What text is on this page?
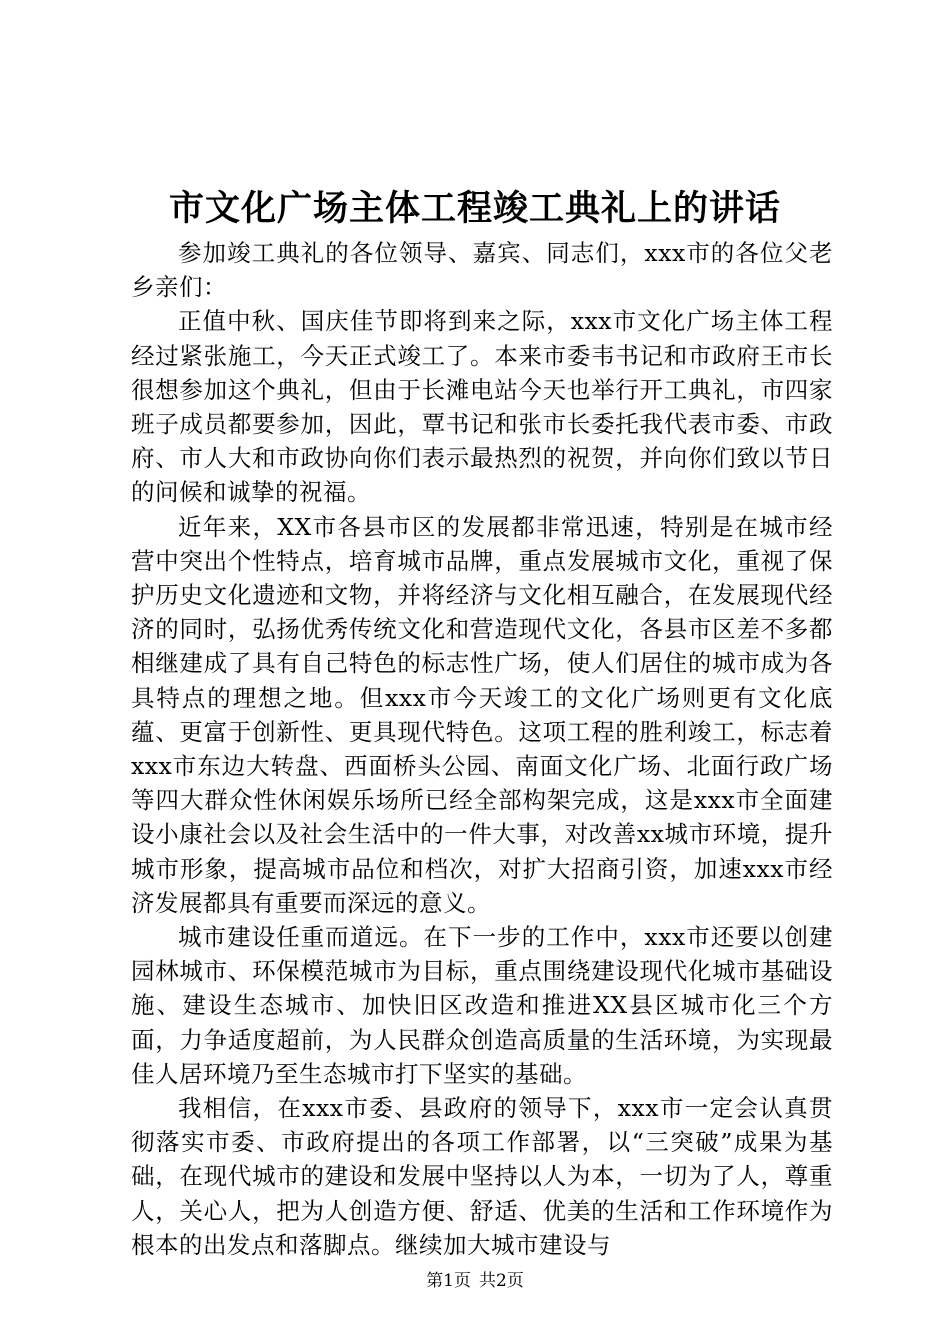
市文化广场主体工程竣工典礼上的讲话

参加竣工典礼的各位领导、嘉宾、同志们，xxx市的各位父老乡亲们：

正值中秋、国庆佳节即将到来之际，xxx市文化广场主体工程经过紧张施工，今天正式竣工了。本来市委韦书记和市政府王市长很想参加这个典礼，但由于长滩电站今天也举行开工典礼，市四家班子成员都要参加，因此，覃书记和张市长委托我代表市委、市政府、市人大和市政协向你们表示最热烈的祝贺，并向你们致以节日的问候和诚挚的祝福。

近年来，XX市各县市区的发展都非常迅速，特别是在城市经营中突出个性特点，培育城市品牌，重点发展城市文化，重视了保护历史文化遗迹和文物，并将经济与文化相互融合，在发展现代经济的同时，弘扬优秀传统文化和营造现代文化，各县市区差不多都相继建成了具有自己特色的标志性广场，使人们居住的城市成为各具特点的理想之地。但xxx市今天竣工的文化广场则更有文化底蕴、更富于创新性、更具现代特色。这项工程的胜利竣工，标志着xxx市东边大转盘、西面桥头公园、南面文化广场、北面行政广场等四大群众性休闲娱乐场所已经全部构架完成，这是xxx市全面建设小康社会以及社会生活中的一件大事，对改善xx城市环境，提升城市形象，提高城市品位和档次，对扩大招商引资，加速xxx市经济发展都具有重要而深远的意义。

城市建设任重而道远。在下一步的工作中，xxx市还要以创建园林城市、环保模范城市为目标，重点围绕建设现代化城市基础设施、建设生态城市、加快旧区改造和推进XX县区城市化三个方面，力争适度超前，为人民群众创造高质量的生活环境，为实现最佳人居环境乃至生态城市打下坚实的基础。

我相信，在xxx市委、县政府的领导下，xxx市一定会认真贯彻落实市委、市政府提出的各项工作部署，以“三突破”成果为基础，在现代城市的建设和发展中坚持以人为本，一切为了人，尊重人，关心人，把为人创造方便、舒适、优美的生活和工作环境作为根本的出发点和落脚点。继续加大城市建设与

第1页 共2页
